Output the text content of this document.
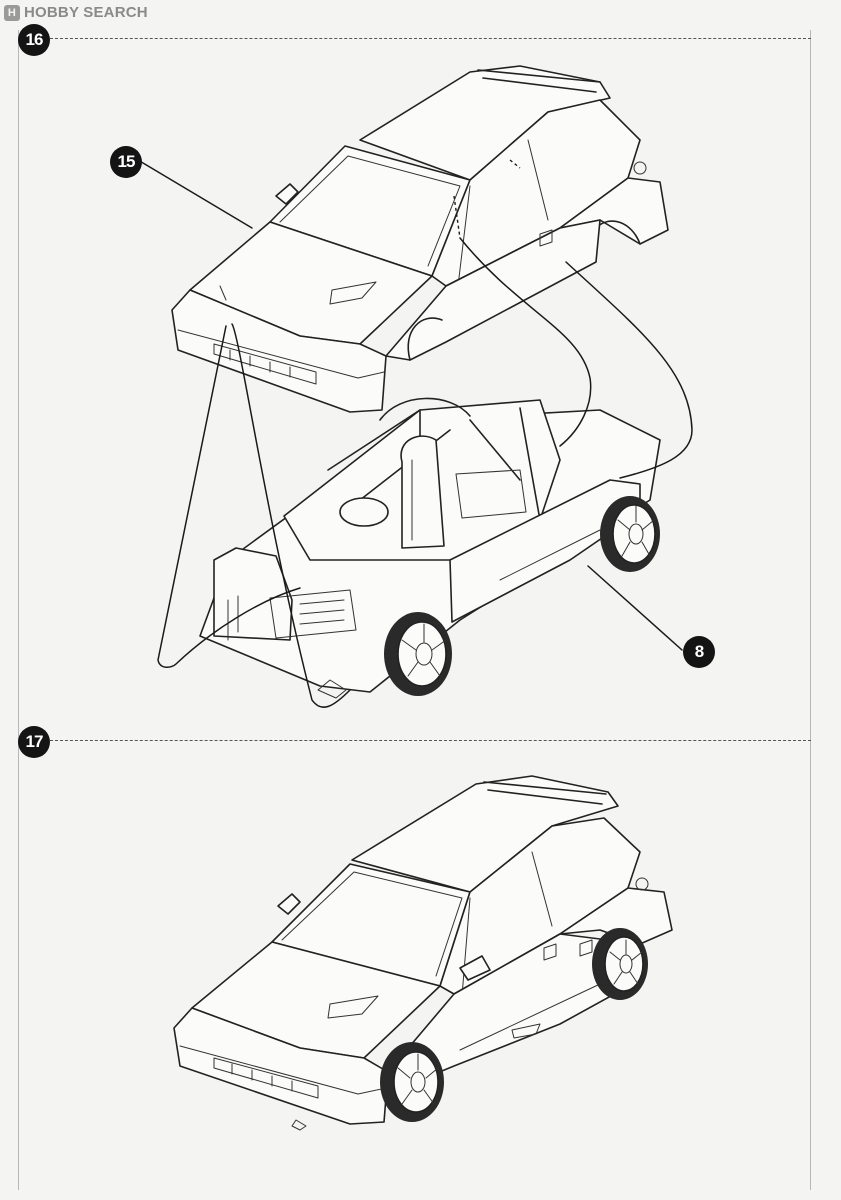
H HOBBY SEARCH
16
17
15
8
